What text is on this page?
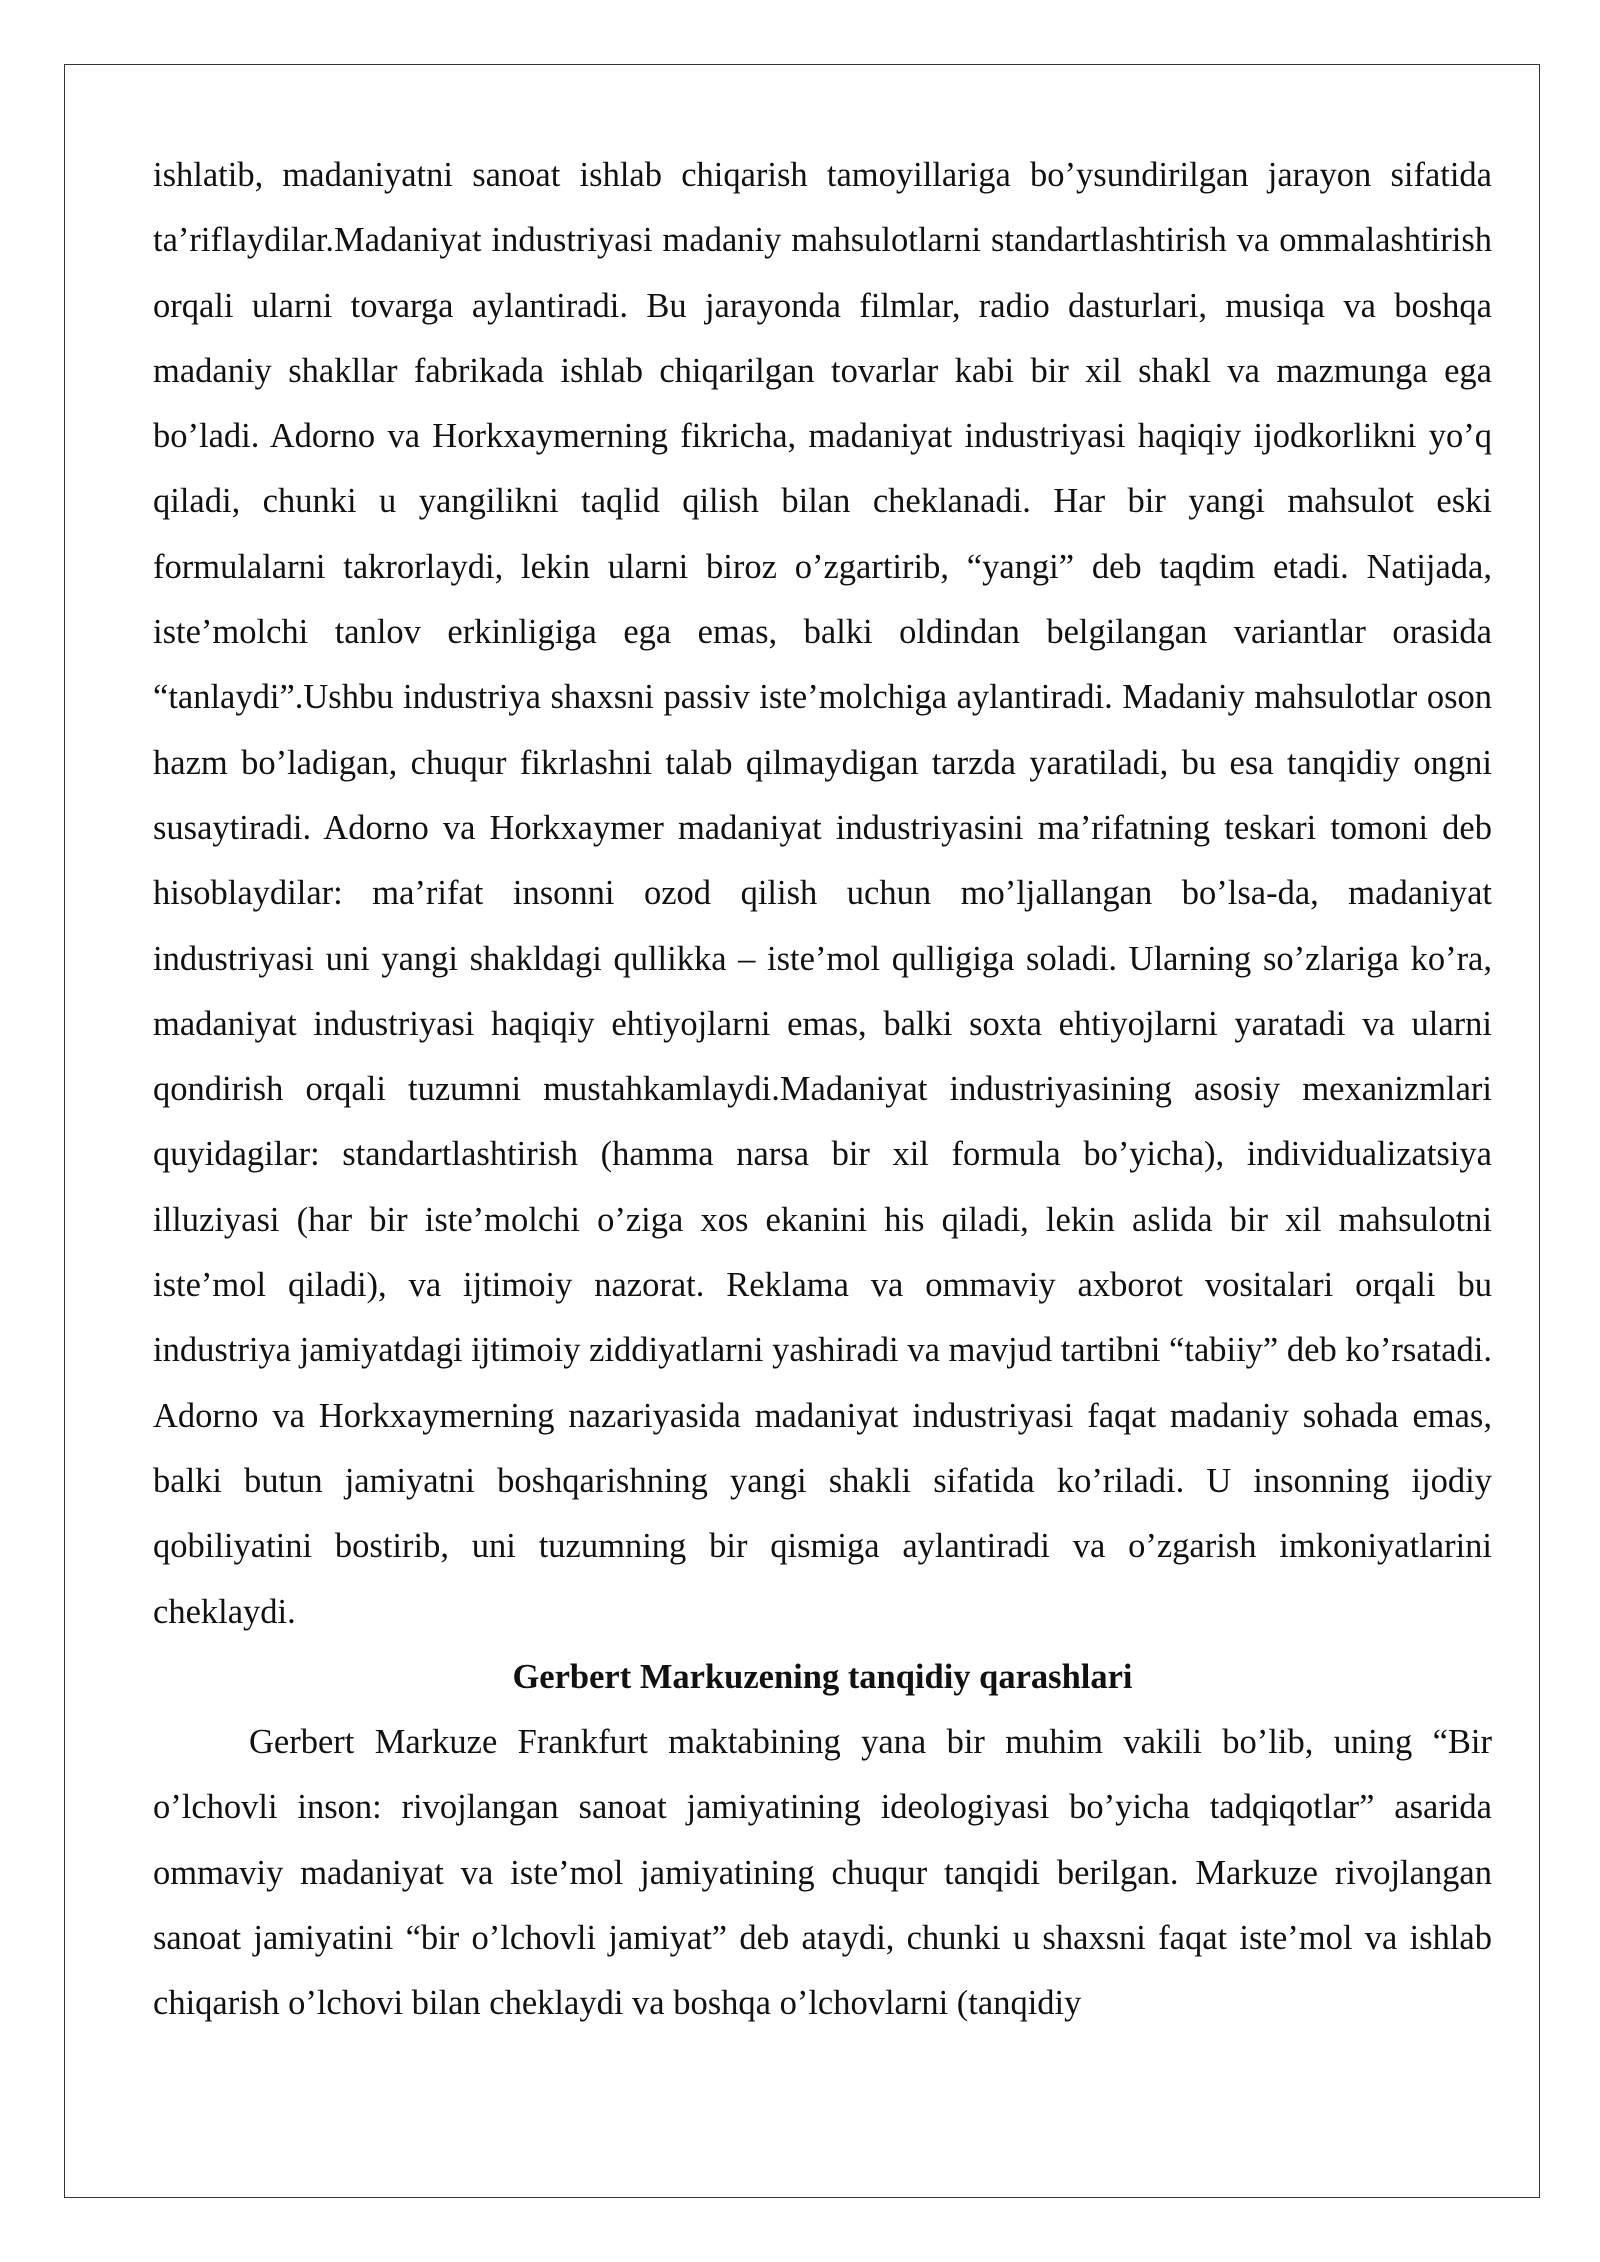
ishlatib, madaniyatni sanoat ishlab chiqarish tamoyillariga bo’ysundirilgan jarayon sifatida ta’riflaydilar.Madaniyat industriyasi madaniy mahsulotlarni standartlashtirish va ommalashtirish orqali ularni tovarga aylantiradi. Bu jarayonda filmlar, radio dasturlari, musiqa va boshqa madaniy shakllar fabrikada ishlab chiqarilgan tovarlar kabi bir xil shakl va mazmunga ega bo’ladi. Adorno va Horkxaymerning fikricha, madaniyat industriyasi haqiqiy ijodkorlikni yo’q qiladi, chunki u yangilikni taqlid qilish bilan cheklanadi. Har bir yangi mahsulot eski formulalarni takrorlaydi, lekin ularni biroz o’zgartirib, “yangi” deb taqdim etadi. Natijada, iste’molchi tanlov erkinligiga ega emas, balki oldindan belgilangan variantlar orasida “tanlaydi”.Ushbu industriya shaxsni passiv iste’molchiga aylantiradi. Madaniy mahsulotlar oson hazm bo’ladigan, chuqur fikrlashni talab qilmaydigan tarzda yaratiladi, bu esa tanqidiy ongni susaytiradi. Adorno va Horkxaymer madaniyat industriyasini ma’rifatning teskari tomoni deb hisoblaydilar: ma’rifat insonni ozod qilish uchun mo’ljallangan bo’lsa-da, madaniyat industriyasi uni yangi shakldagi qullikka – iste’mol qulligiga soladi. Ularning so’zlariga ko’ra, madaniyat industriyasi haqiqiy ehtiyojlarni emas, balki soxta ehtiyojlarni yaratadi va ularni qondirish orqali tuzumni mustahkamlaydi.Madaniyat industriyasining asosiy mexanizmlari quyidagilar: standartlashtirish (hamma narsa bir xil formula bo’yicha), individualizatsiya illuziyasi (har bir iste’molchi o’ziga xos ekanini his qiladi, lekin aslida bir xil mahsulotni iste’mol qiladi), va ijtimoiy nazorat. Reklama va ommaviy axborot vositalari orqali bu industriya jamiyatdagi ijtimoiy ziddiyatlarni yashiradi va mavjud tartibni “tabiiy” deb ko’rsatadi. Adorno va Horkxaymerning nazariyasida madaniyat industriyasi faqat madaniy sohada emas, balki butun jamiyatni boshqarishning yangi shakli sifatida ko’riladi. U insonning ijodiy qobiliyatini bostirib, uni tuzumning bir qismiga aylantiradi va o’zgarish imkoniyatlarini cheklaydi.

Gerbert Markuzening tanqidiy qarashlari

Gerbert Markuze Frankfurt maktabining yana bir muhim vakili bo’lib, uning “Bir o’lchovli inson: rivojlangan sanoat jamiyatining ideologiyasi bo’yicha tadqiqotlar” asarida ommaviy madaniyat va iste’mol jamiyatining chuqur tanqidi berilgan. Markuze rivojlangan sanoat jamiyatini “bir o’lchovli jamiyat” deb ataydi, chunki u shaxsni faqat iste’mol va ishlab chiqarish o’lchovi bilan cheklaydi va boshqa o’lchovlarni (tanqidiy
